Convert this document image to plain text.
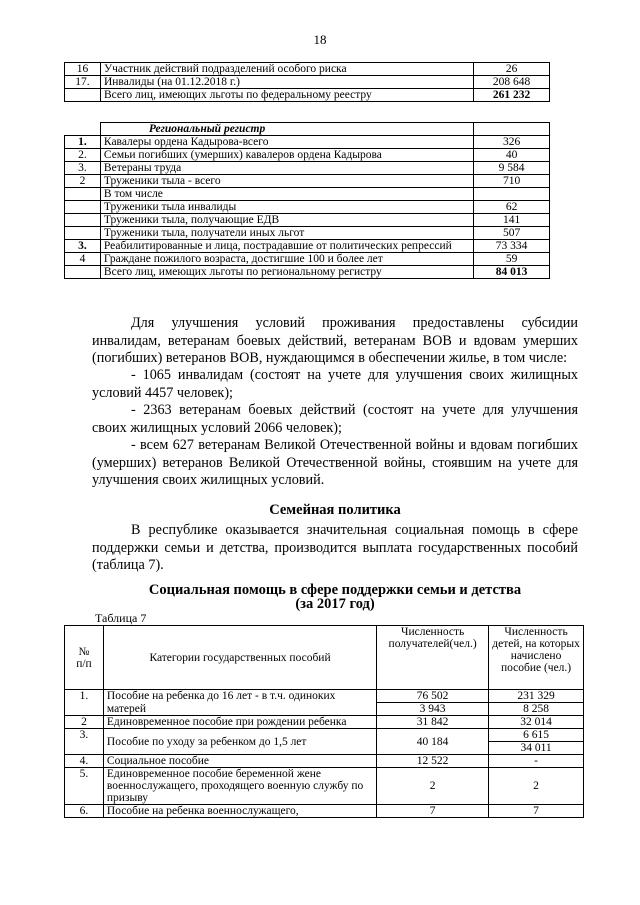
18
16	Участник действий подразделений особого риска	26
17.	Инвалиды (на 01.12.2018 г.)	208 648
	Всего лиц, имеющих льготы по федеральному реестру	261 232
	Региональный регистр	
1.	Кавалеры ордена Кадырова-всего	326
2.	Семьи погибших (умерших) кавалеров ордена Кадырова	40
3.	Ветераны труда	9 584
2	Труженики тыла - всего	710
	В том числе	
	Труженики тыла инвалиды	62
	Труженики тыла, получающие ЕДВ	141
	Труженики тыла, получатели иных льгот	507
3.	Реабилитированные и лица, пострадавшие от политических репрессий	73 334
4	Граждане пожилого возраста, достигшие 100 и более лет	59
	Всего лиц, имеющих льготы по региональному регистру	84 013
Для улучшения условий проживания предоставлены субсидии инвалидам, ветеранам боевых действий, ветеранам ВОВ и вдовам умерших (погибших) ветеранов ВОВ, нуждающимся в обеспечении жилье, в том числе:
- 1065 инвалидам (состоят на учете для улучшения своих жилищных условий 4457 человек);
- 2363 ветеранам боевых действий (состоят на учете для улучшения своих жилищных условий 2066 человек);
- всем 627 ветеранам Великой Отечественной войны и вдовам погибших (умерших) ветеранов Великой Отечественной войны, стоявшим на учете для улучшения своих жилищных условий.
Семейная политика
В республике оказывается значительная социальная помощь в сфере поддержки семьи и детства, производится выплата государственных пособий (таблица 7).
Социальная помощь в сфере поддержки семьи и детства
(за 2017 год)
Таблица 7
№
п/п	Категории государственных пособий	Численность получателей(чел.)	Численность детей, на которых начислено пособие (чел.)
1.	Пособие на ребенка до 16 лет - в т.ч. одиноких	76 502	231 329
	матерей	3 943	8 258
2	Единовременное пособие при рождении ребенка	31 842	32 014
3.	Пособие по уходу за ребенком до 1,5 лет	40 184	6 615
			34 011
4.	Социальное пособие	12 522	-
5.	Единовременное пособие беременной жене военнослужащего, проходящего военную службу по призыву	2	2
6.	Пособие на ребенка военнослужащего,	7	7
